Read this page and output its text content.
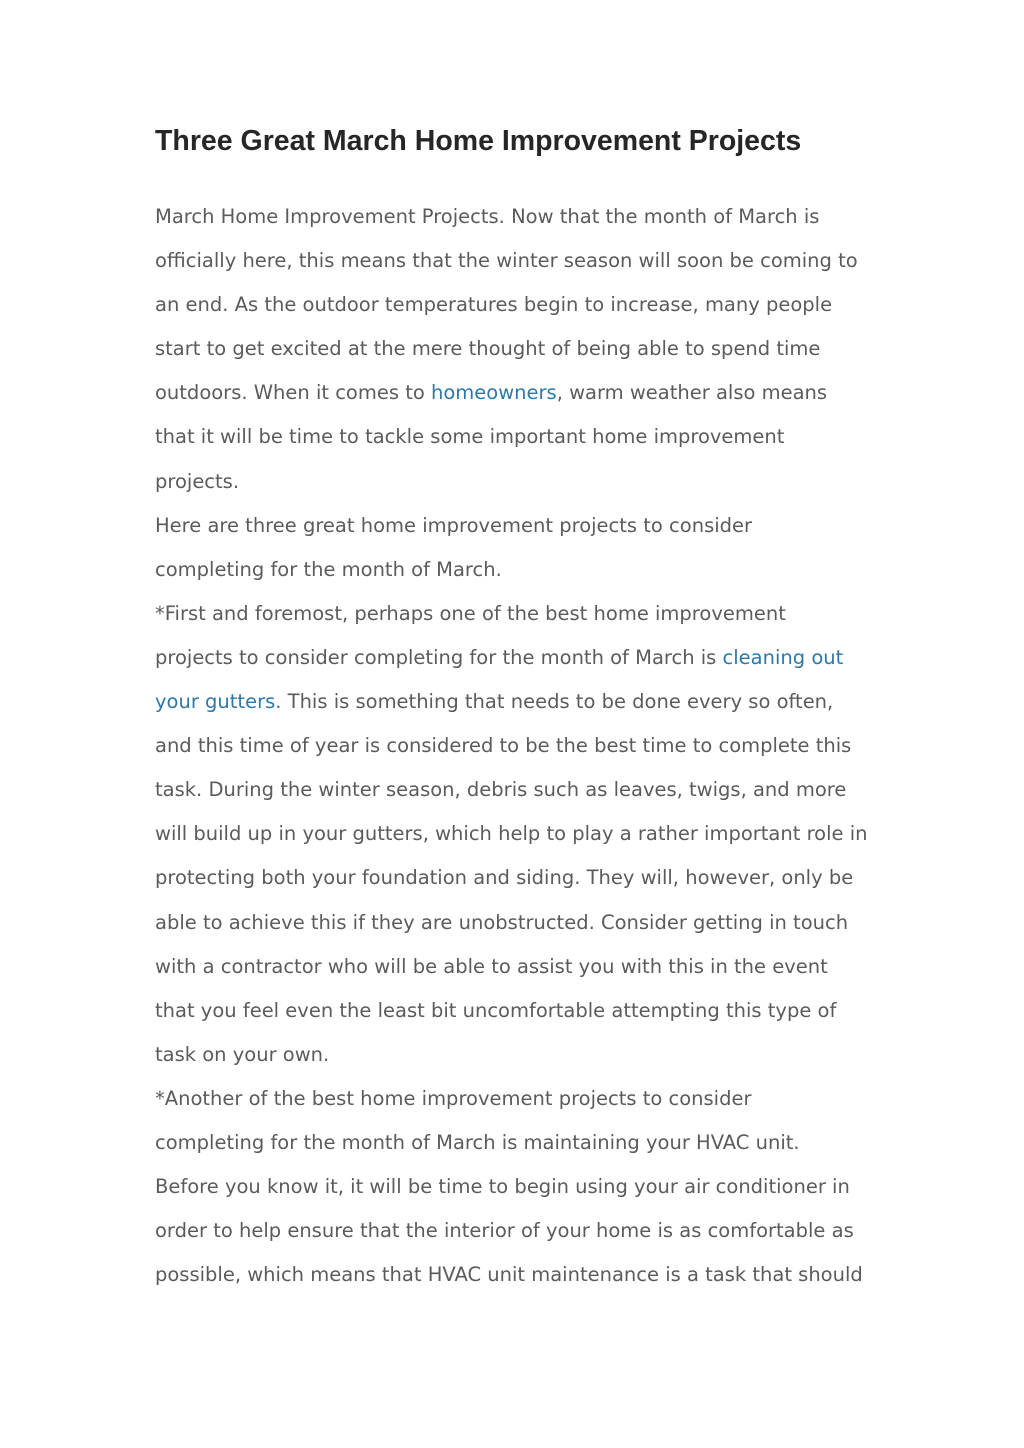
Three Great March Home Improvement Projects
March Home Improvement Projects. Now that the month of March is
officially here, this means that the winter season will soon be coming to
an end. As the outdoor temperatures begin to increase, many people
start to get excited at the mere thought of being able to spend time
outdoors. When it comes to homeowners, warm weather also means
that it will be time to tackle some important home improvement
projects.
Here are three great home improvement projects to consider
completing for the month of March.
*First and foremost, perhaps one of the best home improvement
projects to consider completing for the month of March is cleaning out
your gutters. This is something that needs to be done every so often,
and this time of year is considered to be the best time to complete this
task. During the winter season, debris such as leaves, twigs, and more
will build up in your gutters, which help to play a rather important role in
protecting both your foundation and siding. They will, however, only be
able to achieve this if they are unobstructed. Consider getting in touch
with a contractor who will be able to assist you with this in the event
that you feel even the least bit uncomfortable attempting this type of
task on your own.
*Another of the best home improvement projects to consider
completing for the month of March is maintaining your HVAC unit.
Before you know it, it will be time to begin using your air conditioner in
order to help ensure that the interior of your home is as comfortable as
possible, which means that HVAC unit maintenance is a task that should
